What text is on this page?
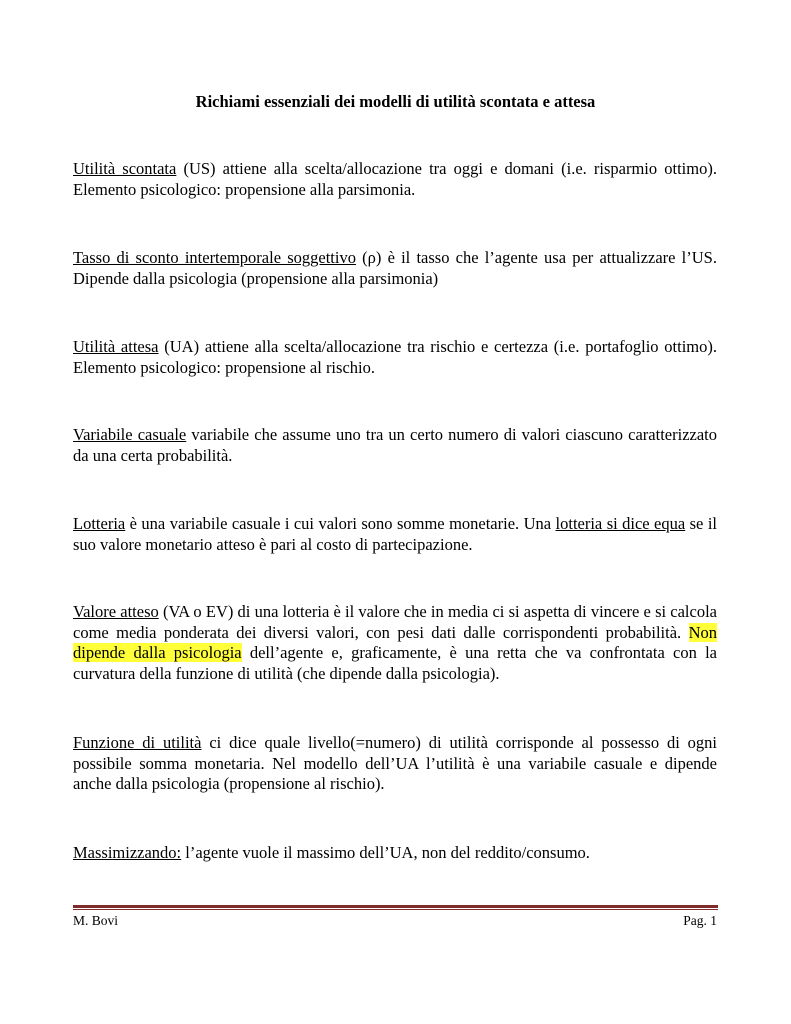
Richiami essenziali dei modelli di utilità scontata e attesa
Utilità scontata (US) attiene alla scelta/allocazione tra oggi e domani (i.e. risparmio ottimo). Elemento psicologico: propensione alla parsimonia.
Tasso di sconto intertemporale soggettivo (ρ) è il tasso che l’agente usa per attualizzare l’US. Dipende dalla psicologia (propensione alla parsimonia)
Utilità attesa (UA) attiene alla scelta/allocazione tra rischio e certezza (i.e. portafoglio ottimo). Elemento psicologico: propensione al rischio.
Variabile casuale variabile che assume uno tra un certo numero di valori ciascuno caratterizzato da una certa probabilità.
Lotteria è una variabile casuale i cui valori sono somme monetarie. Una lotteria si dice equa se il suo valore monetario atteso è pari al costo di partecipazione.
Valore atteso (VA o EV) di una lotteria è il valore che in media ci si aspetta di vincere e si calcola come media ponderata dei diversi valori, con pesi dati dalle corrispondenti probabilità. Non dipende dalla psicologia dell’agente e, graficamente, è una retta che va confrontata con la curvatura della funzione di utilità (che dipende dalla psicologia).
Funzione di utilità ci dice quale livello(=numero) di utilità corrisponde al possesso di ogni possibile somma monetaria. Nel modello dell’UA l’utilità è una variabile casuale e dipende anche dalla psicologia (propensione al rischio).
Massimizzando: l’agente vuole il massimo dell’UA, non del reddito/consumo.
M. Bovi	Pag. 1
